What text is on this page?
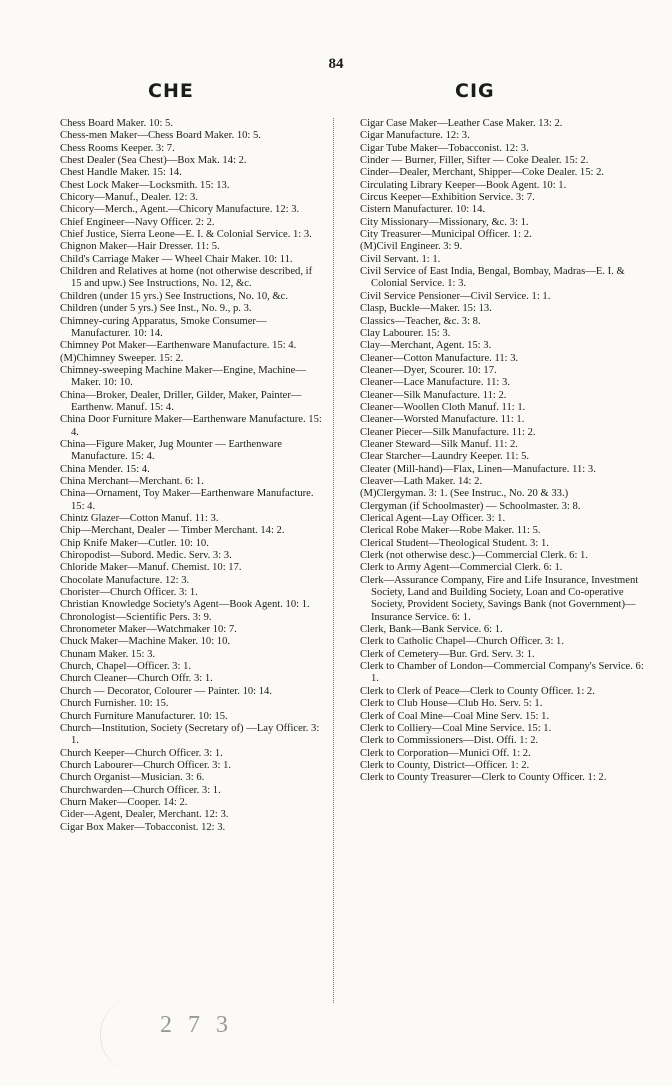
84
CHE	CIG
Chess Board Maker. 10: 5.
Chess-men Maker—Chess Board Maker. 10: 5.
Chess Rooms Keeper. 3: 7.
Chest Dealer (Sea Chest)—Box Mak. 14: 2.
Chest Handle Maker. 15: 14.
Chest Lock Maker—Locksmith. 15: 13.
Chicory—Manuf., Dealer. 12: 3.
Chicory—Merch., Agent.—Chicory Manufacture. 12: 3.
Chief Engineer—Navy Officer. 2: 2.
Chief Justice, Sierra Leone—E. I. & Colonial Service. 1: 3.
Chignon Maker—Hair Dresser. 11: 5.
Child's Carriage Maker — Wheel Chair Maker. 10: 11.
Children and Relatives at home (not otherwise described, if 15 and upw.) See Instructions, No. 12, &c.
Children (under 15 yrs.) See Instructions, No. 10, &c.
Children (under 5 yrs.) See Inst., No. 9., p. 3.
Chimney-curing Apparatus, Smoke Consumer—Manufacturer. 10: 14.
Chimney Pot Maker—Earthenware Manufacture. 15: 4.
(M)Chimney Sweeper. 15: 2.
Chimney-sweeping Machine Maker—Engine, Machine—Maker. 10: 10.
China—Broker, Dealer, Driller, Gilder, Maker, Painter—Earthenw. Manuf. 15: 4.
China Door Furniture Maker—Earthenware Manufacture. 15: 4.
China—Figure Maker, Jug Mounter — Earthenware Manufacture. 15: 4.
China Mender. 15: 4.
China Merchant—Merchant. 6: 1.
China—Ornament, Toy Maker—Earthenware Manufacture. 15: 4.
Chintz Glazer—Cotton Manuf. 11: 3.
Chip—Merchant, Dealer — Timber Merchant. 14: 2.
Chip Knife Maker—Cutler. 10: 10.
Chiropodist—Subord. Medic. Serv. 3: 3.
Chloride Maker—Manuf. Chemist. 10: 17.
Chocolate Manufacture. 12: 3.
Chorister—Church Officer. 3: 1.
Christian Knowledge Society's Agent—Book Agent. 10: 1.
Chronologist—Scientific Pers. 3: 9.
Chronometer Maker—Watchmaker 10: 7.
Chuck Maker—Machine Maker. 10: 10.
Chunam Maker. 15: 3.
Church, Chapel—Officer. 3: 1.
Church Cleaner—Church Offr. 3: 1.
Church — Decorator, Colourer — Painter. 10: 14.
Church Furnisher. 10: 15.
Church Furniture Manufacturer. 10: 15.
Church—Institution, Society (Secretary of) —Lay Officer. 3: 1.
Church Keeper—Church Officer. 3: 1.
Church Labourer—Church Officer. 3: 1.
Church Organist—Musician. 3: 6.
Churchwarden—Church Officer. 3: 1.
Churn Maker—Cooper. 14: 2.
Cider—Agent, Dealer, Merchant. 12: 3.
Cigar Box Maker—Tobacconist. 12: 3.
Cigar Case Maker—Leather Case Maker. 13: 2.
Cigar Manufacture. 12: 3.
Cigar Tube Maker—Tobacconist. 12: 3.
Cinder — Burner, Filler, Sifter — Coke Dealer. 15: 2.
Cinder—Dealer, Merchant, Shipper—Coke Dealer. 15: 2.
Circulating Library Keeper—Book Agent. 10: 1.
Circus Keeper—Exhibition Service. 3: 7.
Cistern Manufacturer. 10: 14.
City Missionary—Missionary, &c. 3: 1.
City Treasurer—Municipal Officer. 1: 2.
(M)Civil Engineer. 3: 9.
Civil Servant. 1: 1.
Civil Service of East India, Bengal, Bombay, Madras—E. I. & Colonial Service. 1: 3.
Civil Service Pensioner—Civil Service. 1: 1.
Clasp, Buckle—Maker. 15: 13.
Classics—Teacher, &c. 3: 8.
Clay Labourer. 15: 3.
Clay—Merchant, Agent. 15: 3.
Cleaner—Cotton Manufacture. 11: 3.
Cleaner—Dyer, Scourer. 10: 17.
Cleaner—Lace Manufacture. 11: 3.
Cleaner—Silk Manufacture. 11: 2.
Cleaner—Woollen Cloth Manuf. 11: 1.
Cleaner—Worsted Manufacture. 11: 1.
Cleaner Piecer—Silk Manufacture. 11: 2.
Cleaner Steward—Silk Manuf. 11: 2.
Clear Starcher—Laundry Keeper. 11: 5.
Cleater (Mill-hand)—Flax, Linen—Manufacture. 11: 3.
Cleaver—Lath Maker. 14: 2.
(M)Clergyman. 3: 1. (See Instruc., No. 20 & 33.)
Clergyman (if Schoolmaster) — Schoolmaster. 3: 8.
Clerical Agent—Lay Officer. 3: 1.
Clerical Robe Maker—Robe Maker. 11: 5.
Clerical Student—Theological Student. 3: 1.
Clerk (not otherwise desc.)—Commercial Clerk. 6: 1.
Clerk to Army Agent—Commercial Clerk. 6: 1.
Clerk—Assurance Company, Fire and Life Insurance, Investment Society, Land and Building Society, Loan and Co-operative Society, Provident Society, Savings Bank (not Government)—Insurance Service. 6: 1.
Clerk, Bank—Bank Service. 6: 1.
Clerk to Catholic Chapel—Church Officer. 3: 1.
Clerk of Cemetery—Bur. Grd. Serv. 3: 1.
Clerk to Chamber of London—Commercial Company's Service. 6: 1.
Clerk to Clerk of Peace—Clerk to County Officer. 1: 2.
Clerk to Club House—Club Ho. Serv. 5: 1.
Clerk of Coal Mine—Coal Mine Serv. 15: 1.
Clerk to Colliery—Coal Mine Service. 15: 1.
Clerk to Commissioners—Dist. Offi. 1: 2.
Clerk to Corporation—Munici Off. 1: 2.
Clerk to County, District—Officer. 1: 2.
Clerk to County Treasurer—Clerk to County Officer. 1: 2.
2 7 3
